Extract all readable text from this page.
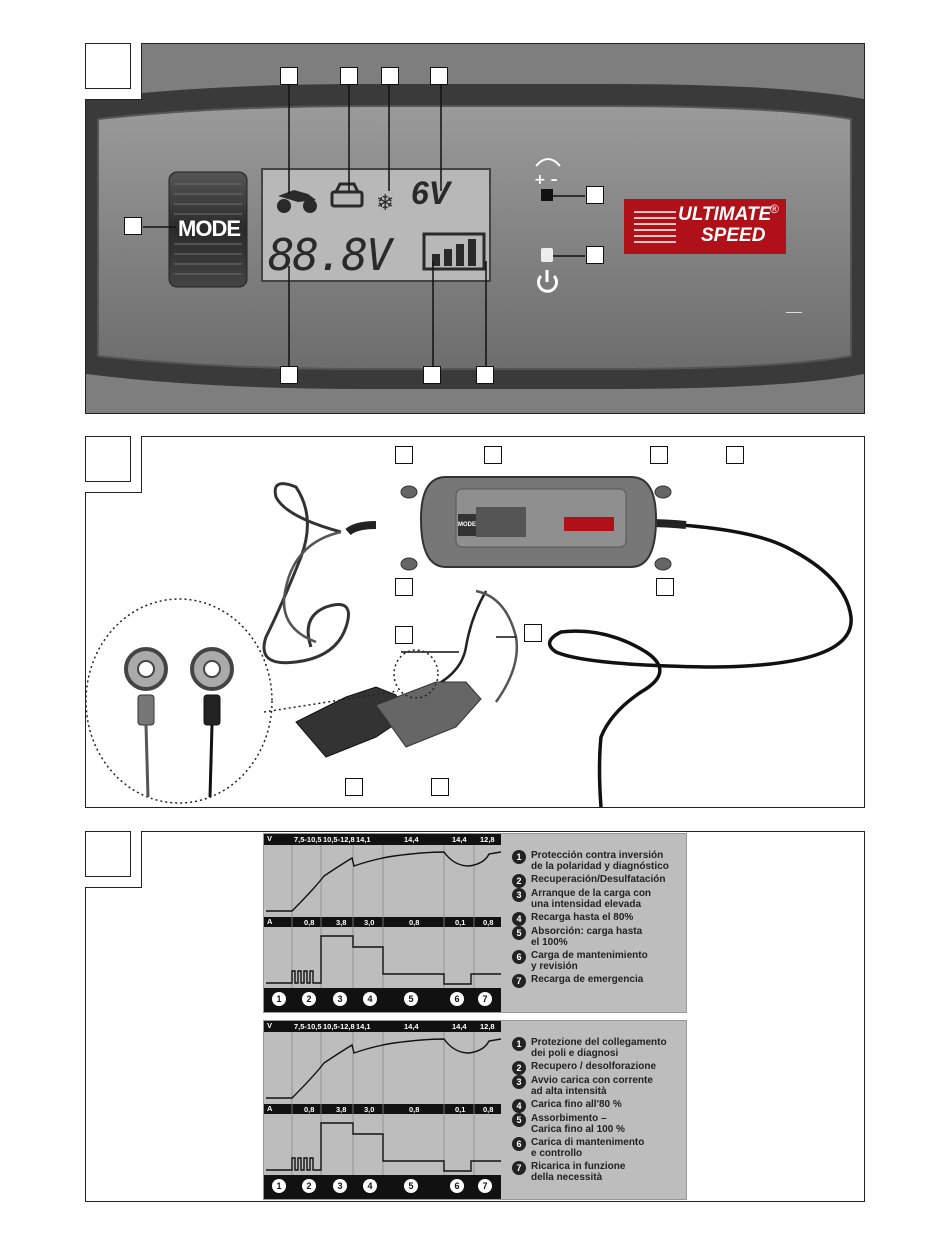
❄
+ –
MODE
88.8V
6V
ULTIMATE
SPEED
®
MODE
V
A
7,5-10,5 10,5-12,8 14,1	14,4	14,4 12,8
0,8	3,8 3,0	0,8	0,1 0,8
1	2	3	4	5	6	7
1 Protección contra inversión
de la polaridad y diagnóstico
2 Recuperación/Desulfatación
3 Arranque de la carga con
una intensidad elevada
4 Recarga hasta el 80%
5 Absorción: carga hasta
el 100%
6 Carga de mantenimiento
y revisión
7 Recarga de emergencia
V
A
7,5-10,5 10,5-12,8 14,1	14,4	14,4 12,8
0,8	3,8 3,0	0,8	0,1 0,8
1	2	3	4	5	6	7
1 Protezione del collegamento
dei poli e diagnosi
2 Recupero / desolforazione
3 Avvio carica con corrente
ad alta intensità
4 Carica fino all'80 %
5 Assorbimento –
Carica fino al 100 %
6 Carica di mantenimento
e controllo
7 Ricarica in funzione
della necessità
